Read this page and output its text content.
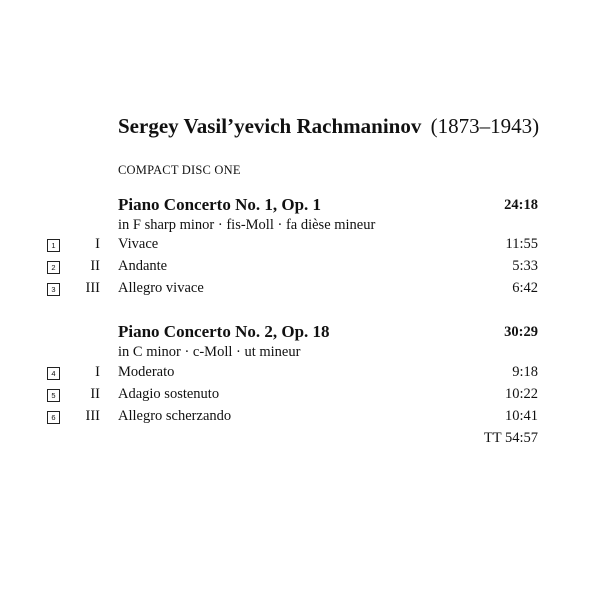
Sergey Vasil’yevich Rachmaninov (1873–1943)
COMPACT DISC ONE
Piano Concerto No. 1, Op. 1	24:18
in F sharp minor · fis-Moll · fa dièse mineur
1	I Vivace	11:55
2	II Andante	5:33
3	III Allegro vivace	6:42
Piano Concerto No. 2, Op. 18	30:29
in C minor · c-Moll · ut mineur
4	I Moderato	9:18
5	II Adagio sostenuto	10:22
6	III Allegro scherzando	10:41
TT 54:57
